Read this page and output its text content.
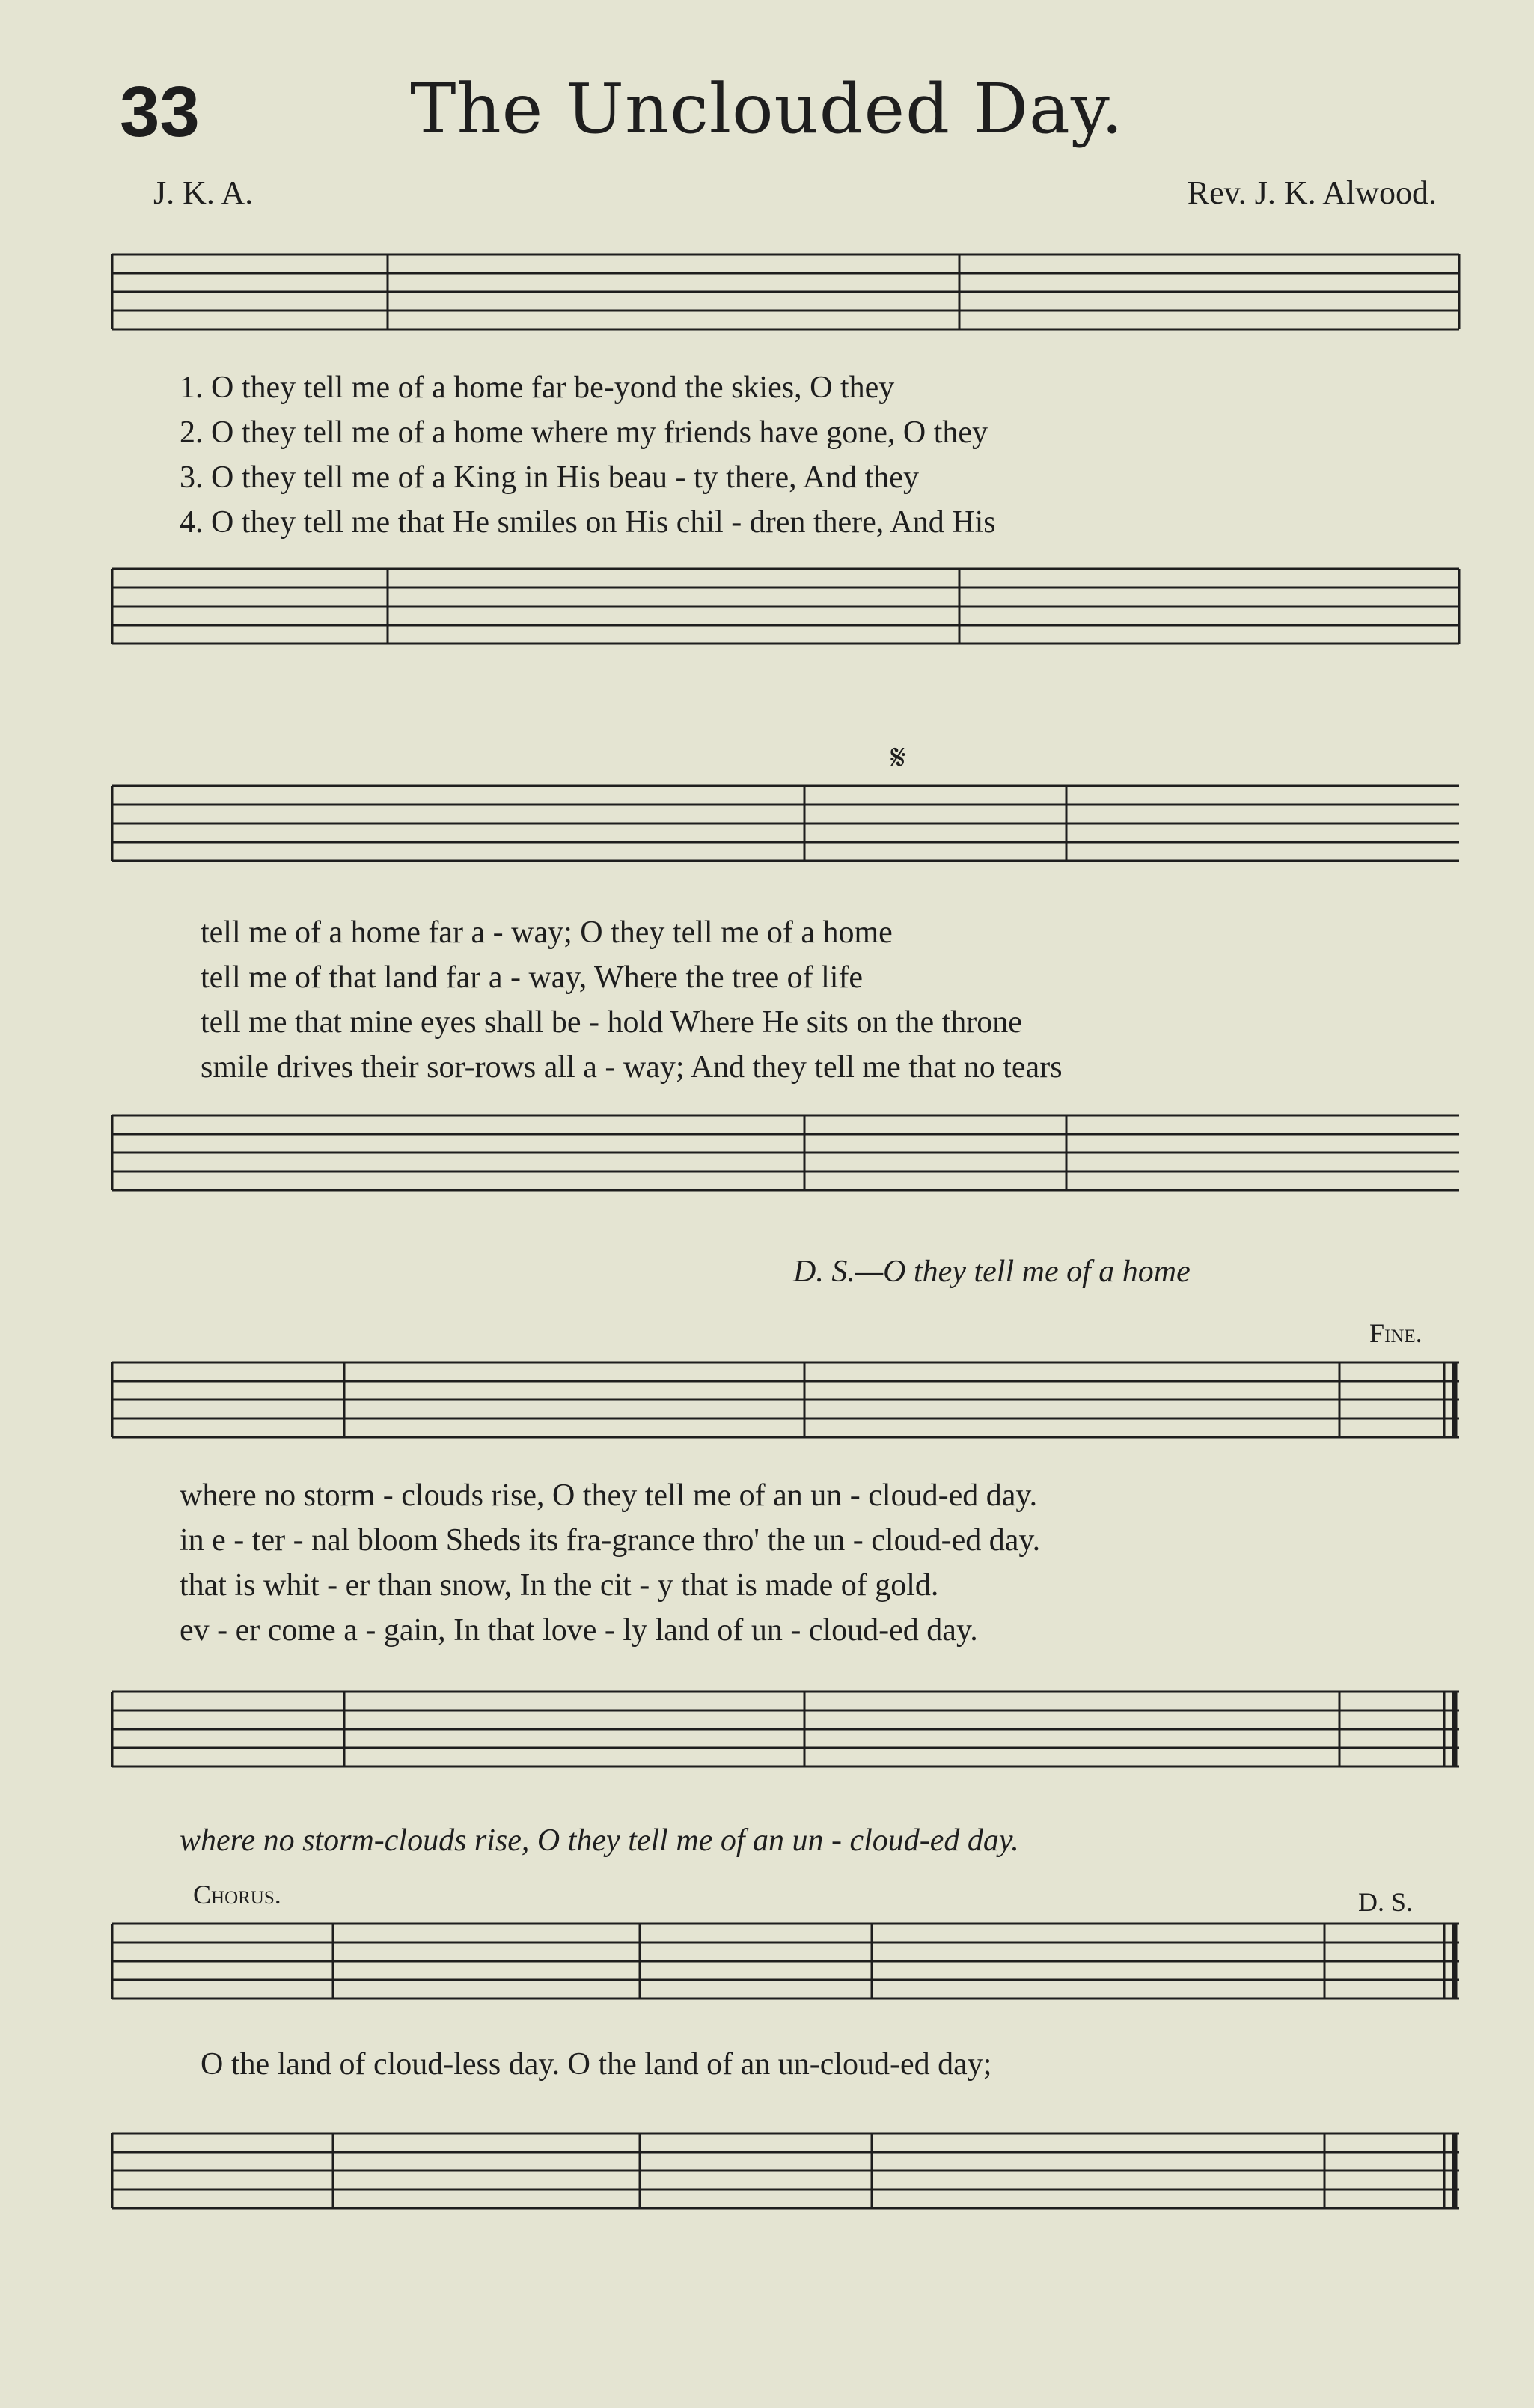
33	The Unclouded Day.
J. K. A.	Rev. J. K. Alwood.
1. O they tell me of a home far be-yond the skies, O they
2. O they tell me of a home where my friends have gone, O they
3. O they tell me of a King in His beau - ty there, And they
4. O they tell me that He smiles on His chil - dren there, And His
𝄋
tell me of a home far a - way; O they tell me of a home
tell me of that land far a - way, Where the tree of life
tell me that mine eyes shall be - hold Where He sits on the throne
smile drives their sor-rows all a - way; And they tell me that no tears
D. S.—O they tell me of a home
Fine.
where no storm - clouds rise, O they tell me of an un - cloud-ed day.
in e - ter - nal bloom Sheds its fra-grance thro' the un - cloud-ed day.
that is whit - er than snow, In the cit - y that is made of gold.
ev - er come a - gain, In that love - ly land of un - cloud-ed day.
where no storm-clouds rise, O they tell me of an un - cloud-ed day.
Chorus.	D. S.
O the land of cloud-less day. O the land of an un-cloud-ed day;
